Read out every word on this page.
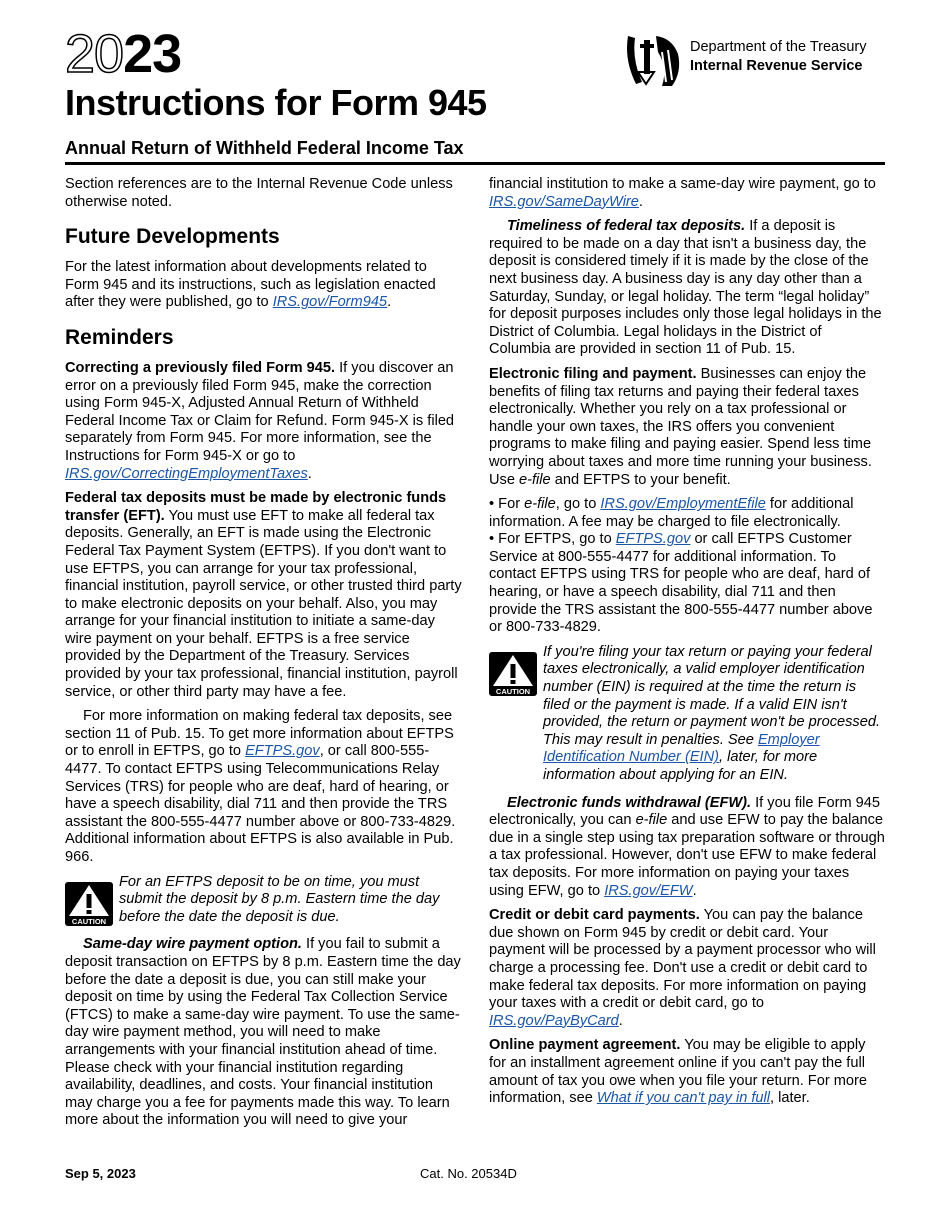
2023
Instructions for Form 945
Annual Return of Withheld Federal Income Tax
Department of the Treasury
Internal Revenue Service

Section references are to the Internal Revenue Code unless otherwise noted.

Future Developments

For the latest information about developments related to Form 945 and its instructions, such as legislation enacted after they were published, go to IRS.gov/Form945.

Reminders

Correcting a previously filed Form 945. If you discover an error on a previously filed Form 945, make the correction using Form 945-X, Adjusted Annual Return of Withheld Federal Income Tax or Claim for Refund. Form 945-X is filed separately from Form 945. For more information, see the Instructions for Form 945-X or go to IRS.gov/CorrectingEmploymentTaxes.

Federal tax deposits must be made by electronic funds transfer (EFT). You must use EFT to make all federal tax deposits. Generally, an EFT is made using the Electronic Federal Tax Payment System (EFTPS). If you don't want to use EFTPS, you can arrange for your tax professional, financial institution, payroll service, or other trusted third party to make electronic deposits on your behalf. Also, you may arrange for your financial institution to initiate a same-day wire payment on your behalf. EFTPS is a free service provided by the Department of the Treasury. Services provided by your tax professional, financial institution, payroll service, or other third party may have a fee.

For more information on making federal tax deposits, see section 11 of Pub. 15. To get more information about EFTPS or to enroll in EFTPS, go to EFTPS.gov, or call 800-555-4477. To contact EFTPS using Telecommunications Relay Services (TRS) for people who are deaf, hard of hearing, or have a speech disability, dial 711 and then provide the TRS assistant the 800-555-4477 number above or 800-733-4829. Additional information about EFTPS is also available in Pub. 966.

CAUTION
For an EFTPS deposit to be on time, you must submit the deposit by 8 p.m. Eastern time the day before the date the deposit is due.

Same-day wire payment option. If you fail to submit a deposit transaction on EFTPS by 8 p.m. Eastern time the day before the date a deposit is due, you can still make your deposit on time by using the Federal Tax Collection Service (FTCS) to make a same-day wire payment. To use the same-day wire payment method, you will need to make arrangements with your financial institution ahead of time. Please check with your financial institution regarding availability, deadlines, and costs. Your financial institution may charge you a fee for payments made this way. To learn more about the information you will need to give your

financial institution to make a same-day wire payment, go to IRS.gov/SameDayWire.

Timeliness of federal tax deposits. If a deposit is required to be made on a day that isn't a business day, the deposit is considered timely if it is made by the close of the next business day. A business day is any day other than a Saturday, Sunday, or legal holiday. The term “legal holiday” for deposit purposes includes only those legal holidays in the District of Columbia. Legal holidays in the District of Columbia are provided in section 11 of Pub. 15.

Electronic filing and payment. Businesses can enjoy the benefits of filing tax returns and paying their federal taxes electronically. Whether you rely on a tax professional or handle your own taxes, the IRS offers you convenient programs to make filing and paying easier. Spend less time worrying about taxes and more time running your business. Use e-file and EFTPS to your benefit.

• For e-file, go to IRS.gov/EmploymentEfile for additional information. A fee may be charged to file electronically.

• For EFTPS, go to EFTPS.gov or call EFTPS Customer Service at 800-555-4477 for additional information. To contact EFTPS using TRS for people who are deaf, hard of hearing, or have a speech disability, dial 711 and then provide the TRS assistant the 800-555-4477 number above or 800-733-4829.

CAUTION
If you're filing your tax return or paying your federal taxes electronically, a valid employer identification number (EIN) is required at the time the return is filed or the payment is made. If a valid EIN isn't provided, the return or payment won't be processed. This may result in penalties. See Employer Identification Number (EIN), later, for more information about applying for an EIN.

Electronic funds withdrawal (EFW). If you file Form 945 electronically, you can e-file and use EFW to pay the balance due in a single step using tax preparation software or through a tax professional. However, don't use EFW to make federal tax deposits. For more information on paying your taxes using EFW, go to IRS.gov/EFW.

Credit or debit card payments. You can pay the balance due shown on Form 945 by credit or debit card. Your payment will be processed by a payment processor who will charge a processing fee. Don't use a credit or debit card to make federal tax deposits. For more information on paying your taxes with a credit or debit card, go to IRS.gov/PayByCard.

Online payment agreement. You may be eligible to apply for an installment agreement online if you can't pay the full amount of tax you owe when you file your return. For more information, see What if you can't pay in full, later.

Sep 5, 2023	Cat. No. 20534D
